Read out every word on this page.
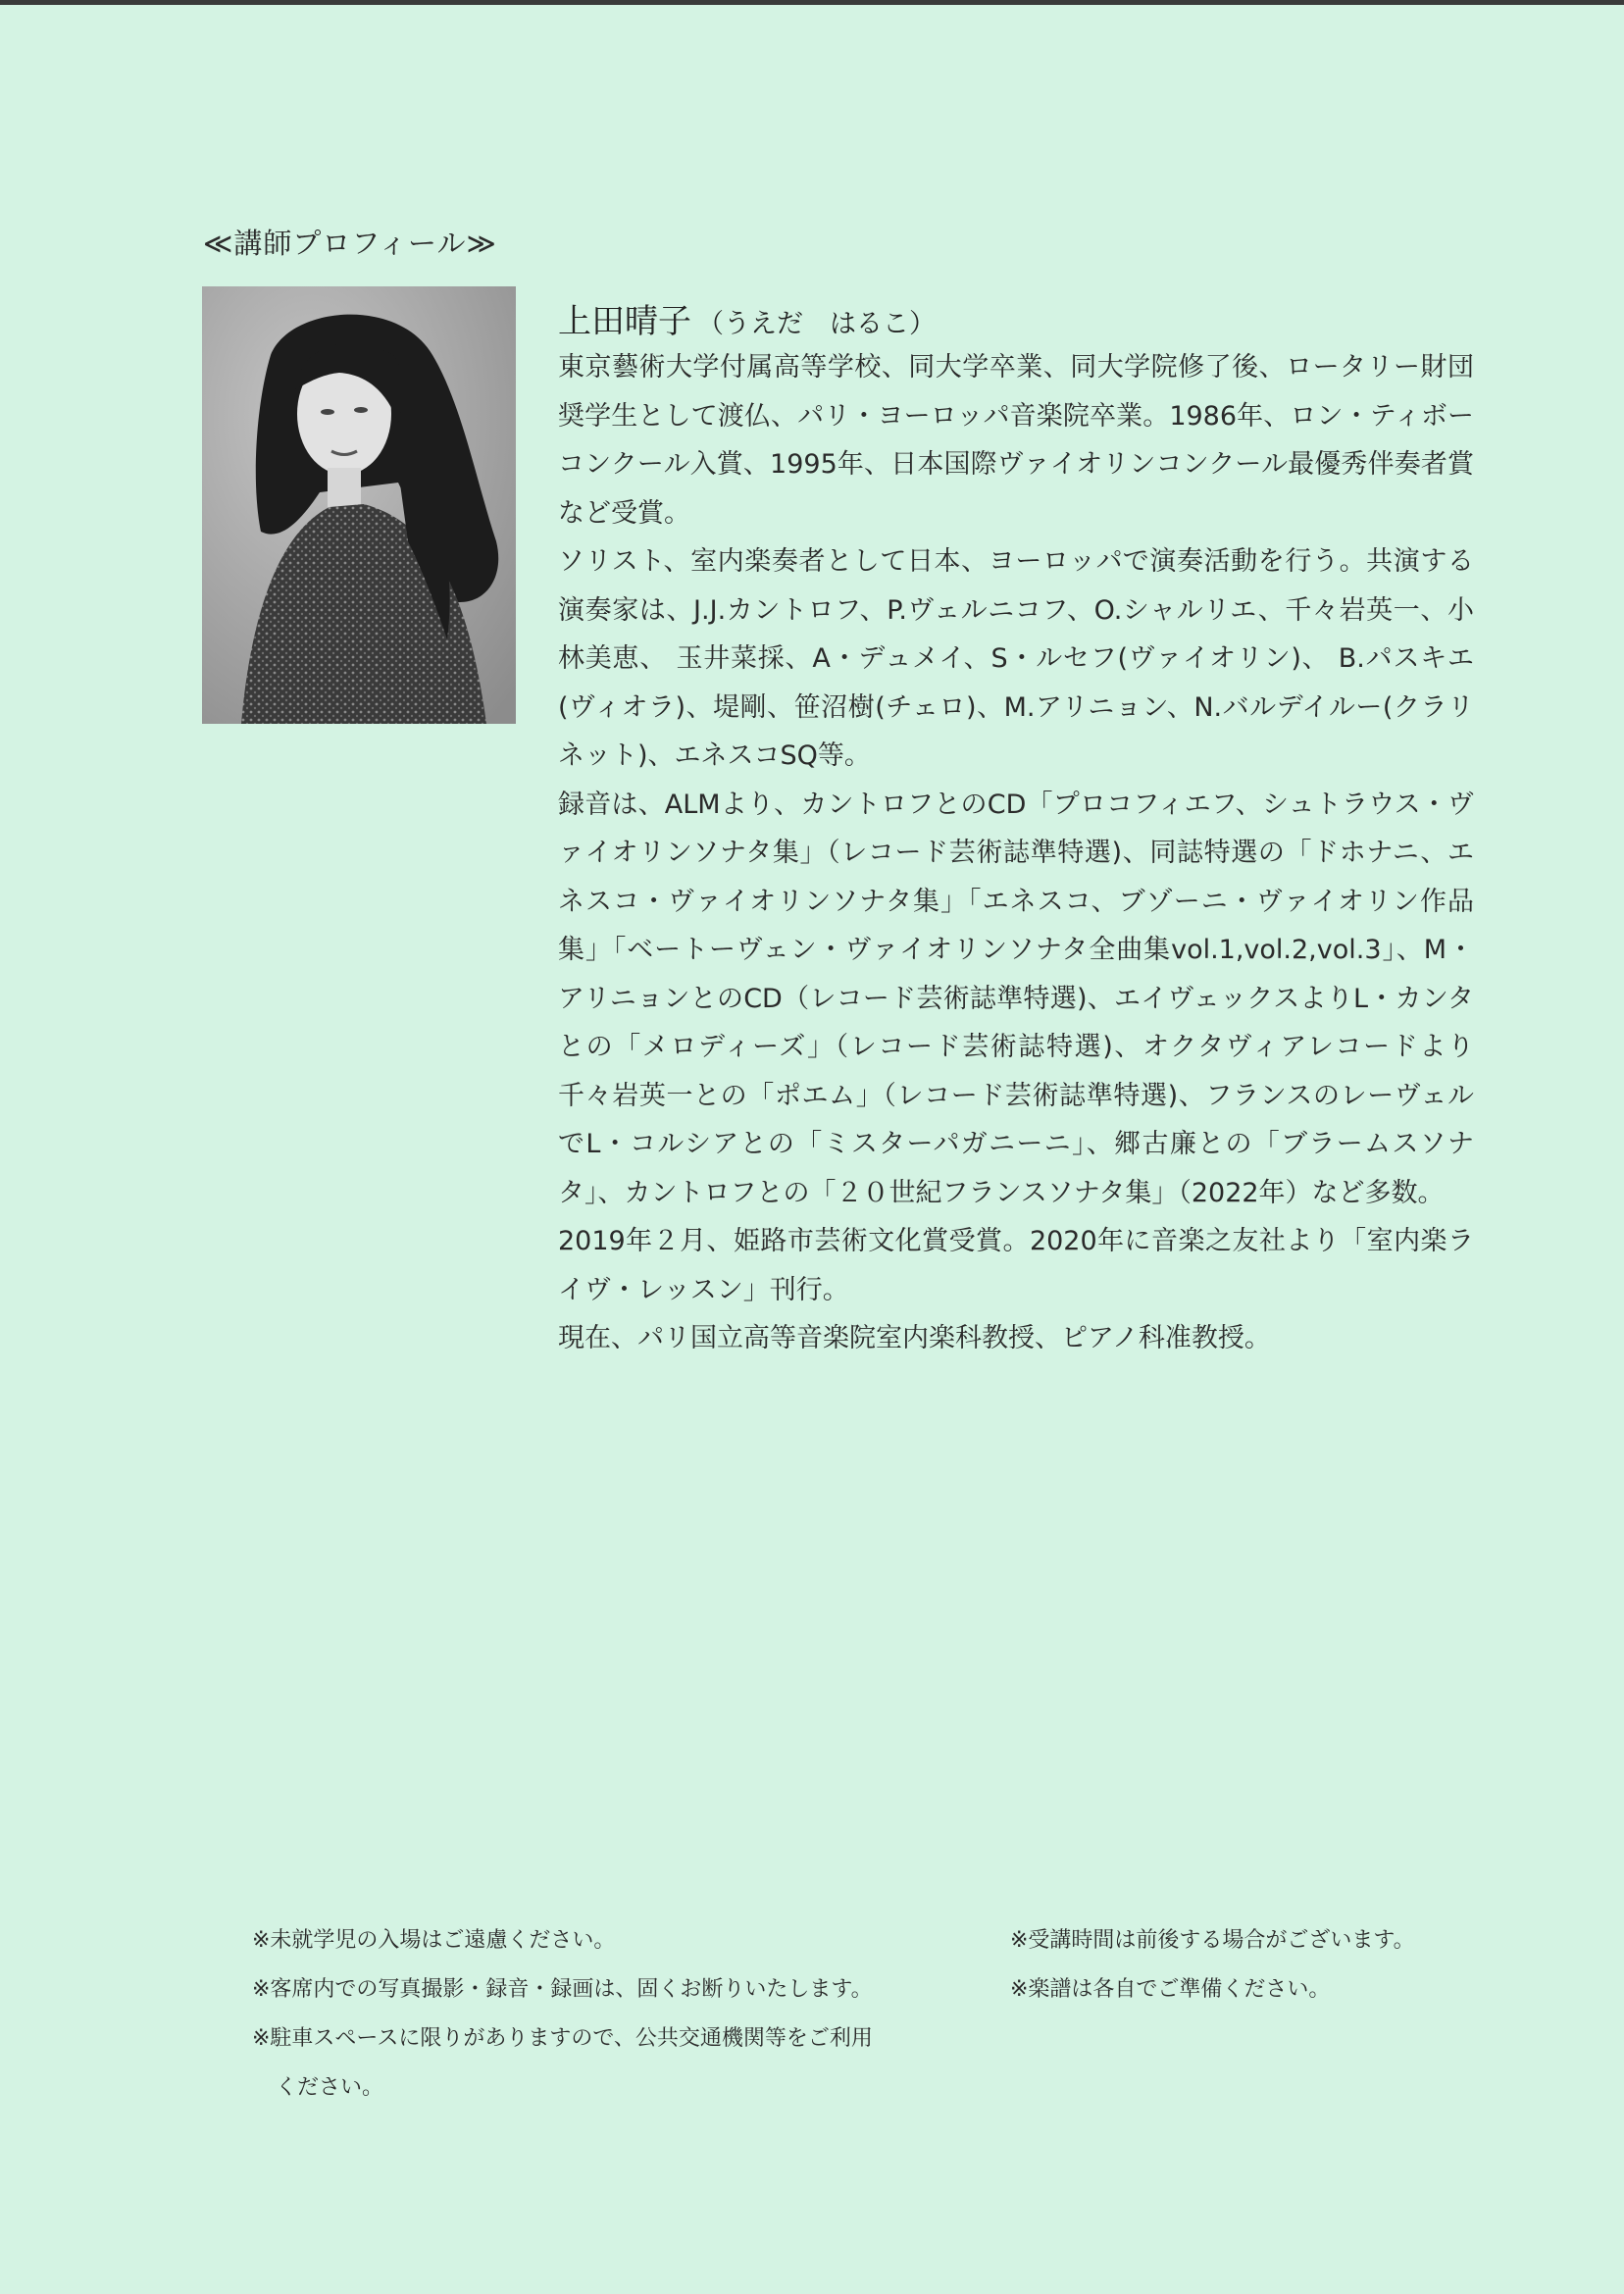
≪講師プロフィール≫
上田晴子 （うえだ　はるこ）

東京藝術大学付属高等学校、同大学卒業、同大学院修了後、ロータリー財団奨学生として渡仏、パリ・ヨーロッパ音楽院卒業。1986年、ロン・ティボーコンクール入賞、1995年、日本国際ヴァイオリンコンクール最優秀伴奏者賞など受賞。

ソリスト、室内楽奏者として日本、ヨーロッパで演奏活動を行う。共演する演奏家は、J.J.カントロフ、P.ヴェルニコフ、O.シャルリエ、千々岩英一、小林美恵、 玉井菜採、A・デュメイ、S・ルセフ(ヴァイオリン)、 B.パスキエ(ヴィオラ)、堤剛、笹沼樹(チェロ)、M.アリニョン、N.バルデイルー(クラリネット)、エネスコSQ等。

録音は、ALMより、カントロフとのCD「プロコフィエフ、シュトラウス・ヴァイオリンソナタ集」（レコード芸術誌準特選)、同誌特選の「ドホナニ、エネスコ・ヴァイオリンソナタ集」「エネスコ、ブゾーニ・ヴァイオリン作品集」「ベートーヴェン・ヴァイオリンソナタ全曲集vol.1,vol.2,vol.3」、M・アリニョンとのCD（レコード芸術誌準特選)、エイヴェックスよりL・カンタとの「メロディーズ」（レコード芸術誌特選)、オクタヴィアレコードより千々岩英一との「ポエム」（レコード芸術誌準特選)、フランスのレーヴェルでL・コルシアとの「ミスターパガニーニ」、郷古廉との「ブラームスソナタ」、カントロフとの「２０世紀フランスソナタ集」（2022年）など多数。

2019年２月、姫路市芸術文化賞受賞。2020年に音楽之友社より「室内楽ライヴ・レッスン」刊行。

現在、パリ国立高等音楽院室内楽科教授、ピアノ科准教授。

※未就学児の入場はご遠慮ください。

※客席内での写真撮影・録音・録画は、固くお断りいたします。

※駐車スペースに限りがありますので、公共交通機関等をご利用

ください。

※受講時間は前後する場合がございます。

※楽譜は各自でご準備ください。
